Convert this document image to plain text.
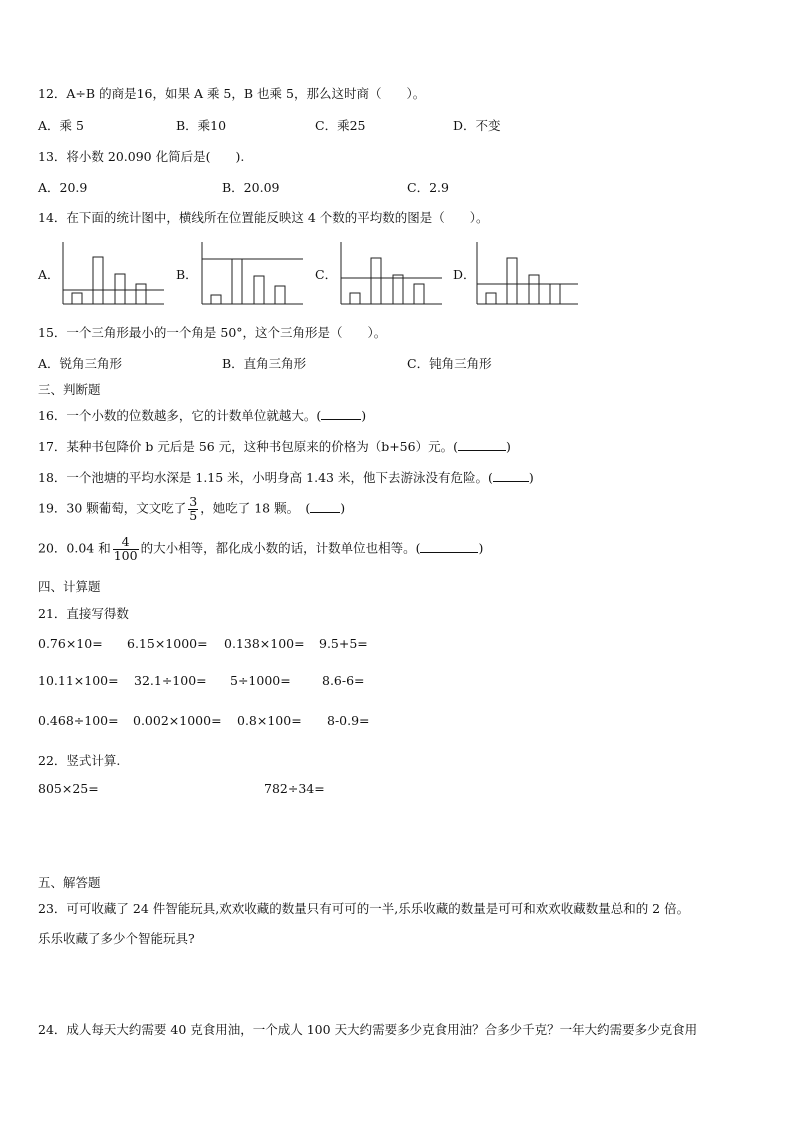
12．A÷B 的商是16，如果 A 乘 5，B 也乘 5，那么这时商（　　）。
A．乘 5	B．乘10	C．乘25	D．不变
13．将小数 20.090 化简后是(　　).
A．20.9	B．20.09	C．2.9
14．在下面的统计图中，横线所在位置能反映这 4 个数的平均数的图是（　　）。
A．	B．	C．	D．
15．一个三角形最小的一个角是 50°，这个三角形是（　　）。
A．锐角三角形	B．直角三角形	C．钝角三角形
三、判断题
16．一个小数的位数越多，它的计数单位就越大。(	)
17．某种书包降价 b 元后是 56 元，这种书包原来的价格为（b+56）元。(	)
18．一个池塘的平均水深是 1.15 米，小明身高 1.43 米，他下去游泳没有危险。(	)
19．30 颗葡萄，文文吃了 $\frac{3}{5}$ ，她吃了 18 颗。　( )
20．0.04 和 $\frac{4}{100}$ 的大小相等，都化成小数的话，计数单位也相等。(	)
四、计算题
21．直接写得数
0.76×10= 6.15×1000= 0.138×100= 9.5+5=
10.11×100= 32.1÷100= 5÷1000=	8.6-6=
0.468÷100= 0.002×1000= 0.8×100= 8-0.9=
22．竖式计算.
805×25=	782÷34=
五、解答题
23．可可收藏了 24 件智能玩具,欢欢收藏的数量只有可可的一半,乐乐收藏的数量是可可和欢欢收藏数量总和的 2 倍。
乐乐收藏了多少个智能玩具?
24．成人每天大约需要 40 克食用油，一个成人 100 天大约需要多少克食用油？合多少千克？一年大约需要多少克食用
